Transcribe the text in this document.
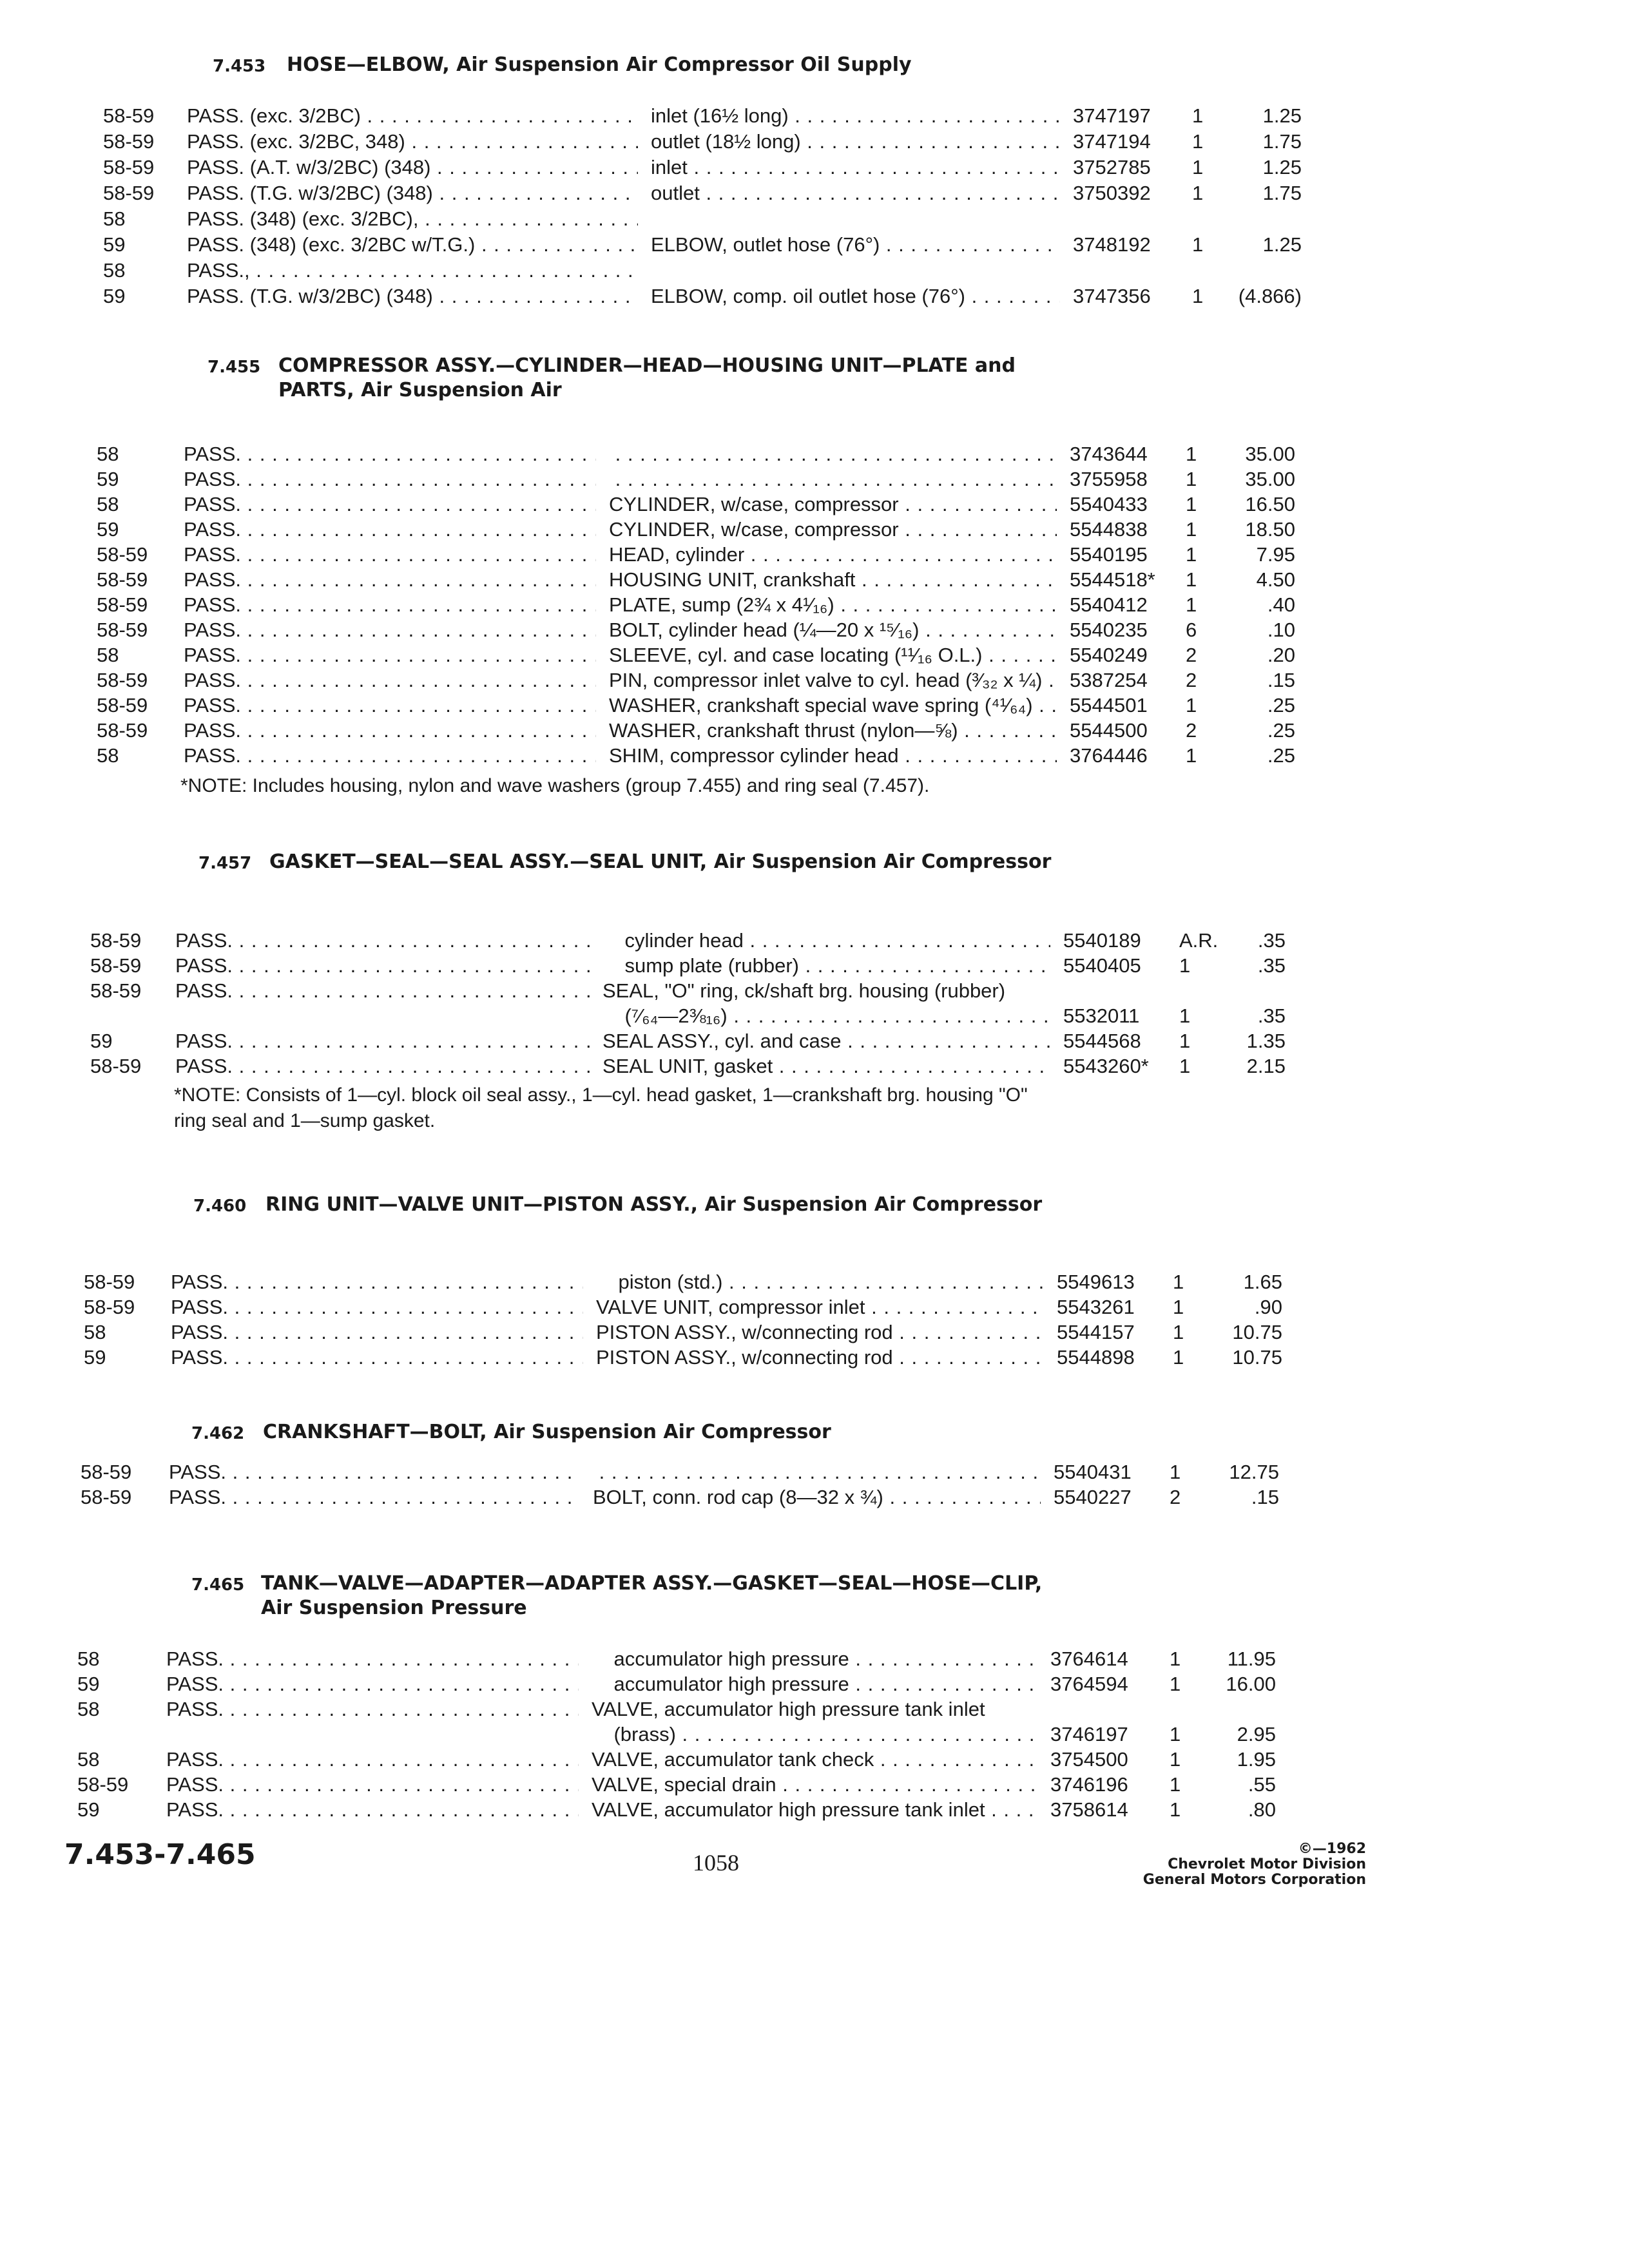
7.453 HOSE—ELBOW, Air Suspension Air Compressor Oil Supply
58-59	PASS. (exc. 3/2BC) . . .	inlet (16½ long) . . .	3747197	1	1.25
58-59	PASS. (exc. 3/2BC, 348) . . .	outlet (18½ long) . . .	3747194	1	1.75
58-59	PASS. (A.T. w/3/2BC) (348) . . .	inlet . . .	3752785	1	1.25
58-59	PASS. (T.G. w/3/2BC) (348) . . .	outlet . . .	3750392	1	1.75
58	PASS. (348) (exc. 3/2BC), . . .
59	PASS. (348) (exc. 3/2BC w/T.G.) . . .	ELBOW, outlet hose (76°) . . .	3748192	1	1.25
58	PASS., . . .
59	PASS. (T.G. w/3/2BC) (348) . . .	ELBOW, comp. oil outlet hose (76°) . . .	3747356	1	(4.866)
7.455 COMPRESSOR ASSY.—CYLINDER—HEAD—HOUSING UNIT—PLATE and PARTS, Air Suspension Air
58	PASS. . . . . . .	3743644	1	35.00
59	PASS. . . . . . .	3755958	1	35.00
58	PASS. . . .	CYLINDER, w/case, compressor . . .	5540433	1	16.50
59	PASS. . . .	CYLINDER, w/case, compressor . . .	5544838	1	18.50
58-59	PASS. . . .	HEAD, cylinder . . .	5540195	1	7.95
58-59	PASS. . . .	HOUSING UNIT, crankshaft . . .	5544518*	1	4.50
58-59	PASS. . . .	PLATE, sump (2¾ x 4¹⁄₁₆) . . .	5540412	1	.40
58-59	PASS. . . .	BOLT, cylinder head (¼—20 x ¹⁵⁄₁₆) . . .	5540235	6	.10
58	PASS. . . .	SLEEVE, cyl. and case locating (¹¹⁄₁₆ O.L.) . . .	5540249	2	.20
58-59	PASS. . . .	PIN, compressor inlet valve to cyl. head (³⁄₃₂ x ¼) . . .	5387254	2	.15
58-59	PASS. . . .	WASHER, crankshaft special wave spring (⁴¹⁄₆₄) . . .	5544501	1	.25
58-59	PASS. . . .	WASHER, crankshaft thrust (nylon—⅝) . . .	5544500	2	.25
58	PASS. . . .	SHIM, compressor cylinder head . . .	3764446	1	.25
*NOTE: Includes housing, nylon and wave washers (group 7.455) and ring seal (7.457).
7.457 GASKET—SEAL—SEAL ASSY.—SEAL UNIT, Air Suspension Air Compressor
58-59	PASS. . . .	cylinder head . . .	5540189	A.R.	.35
58-59	PASS. . . .	sump plate (rubber) . . .	5540405	1	.35
58-59	PASS. . . .	SEAL, "O" ring, ck/shaft brg. housing (rubber)
(⁷⁄₆₄—2⅜₁₆) . . .	5532011	1	.35
59	PASS. . . .	SEAL ASSY., cyl. and case . . .	5544568	1	1.35
58-59	PASS. . . .	SEAL UNIT, gasket . . .	5543260*	1	2.15
*NOTE: Consists of 1—cyl. block oil seal assy., 1—cyl. head gasket, 1—crankshaft brg. housing "O" ring seal and 1—sump gasket.
7.460 RING UNIT—VALVE UNIT—PISTON ASSY., Air Suspension Air Compressor
58-59	PASS. . . .	piston (std.) . . .	5549613	1	1.65
58-59	PASS. . . .	VALVE UNIT, compressor inlet . . .	5543261	1	.90
58	PASS. . . .	PISTON ASSY., w/connecting rod . . .	5544157	1	10.75
59	PASS. . . .	PISTON ASSY., w/connecting rod . . .	5544898	1	10.75
7.462 CRANKSHAFT—BOLT, Air Suspension Air Compressor
58-59	PASS. . . . . . .	5540431	1	12.75
58-59	PASS. . . .	BOLT, conn. rod cap (8—32 x ¾) . . .	5540227	2	.15
7.465 TANK—VALVE—ADAPTER—ADAPTER ASSY.—GASKET—SEAL—HOSE—CLIP, Air Suspension Pressure
58	PASS. . . .	accumulator high pressure . . .	3764614	1	11.95
59	PASS. . . .	accumulator high pressure . . .	3764594	1	16.00
58	PASS. . . .	VALVE, accumulator high pressure tank inlet
(brass) . . .	3746197	1	2.95
58	PASS. . . .	VALVE, accumulator tank check . . .	3754500	1	1.95
58-59	PASS. . . .	VALVE, special drain . . .	3746196	1	.55
59	PASS. . . .	VALVE, accumulator high pressure tank inlet . . .	3758614	1	.80
7.453-7.465	1058
©—1962
Chevrolet Motor Division
General Motors Corporation
